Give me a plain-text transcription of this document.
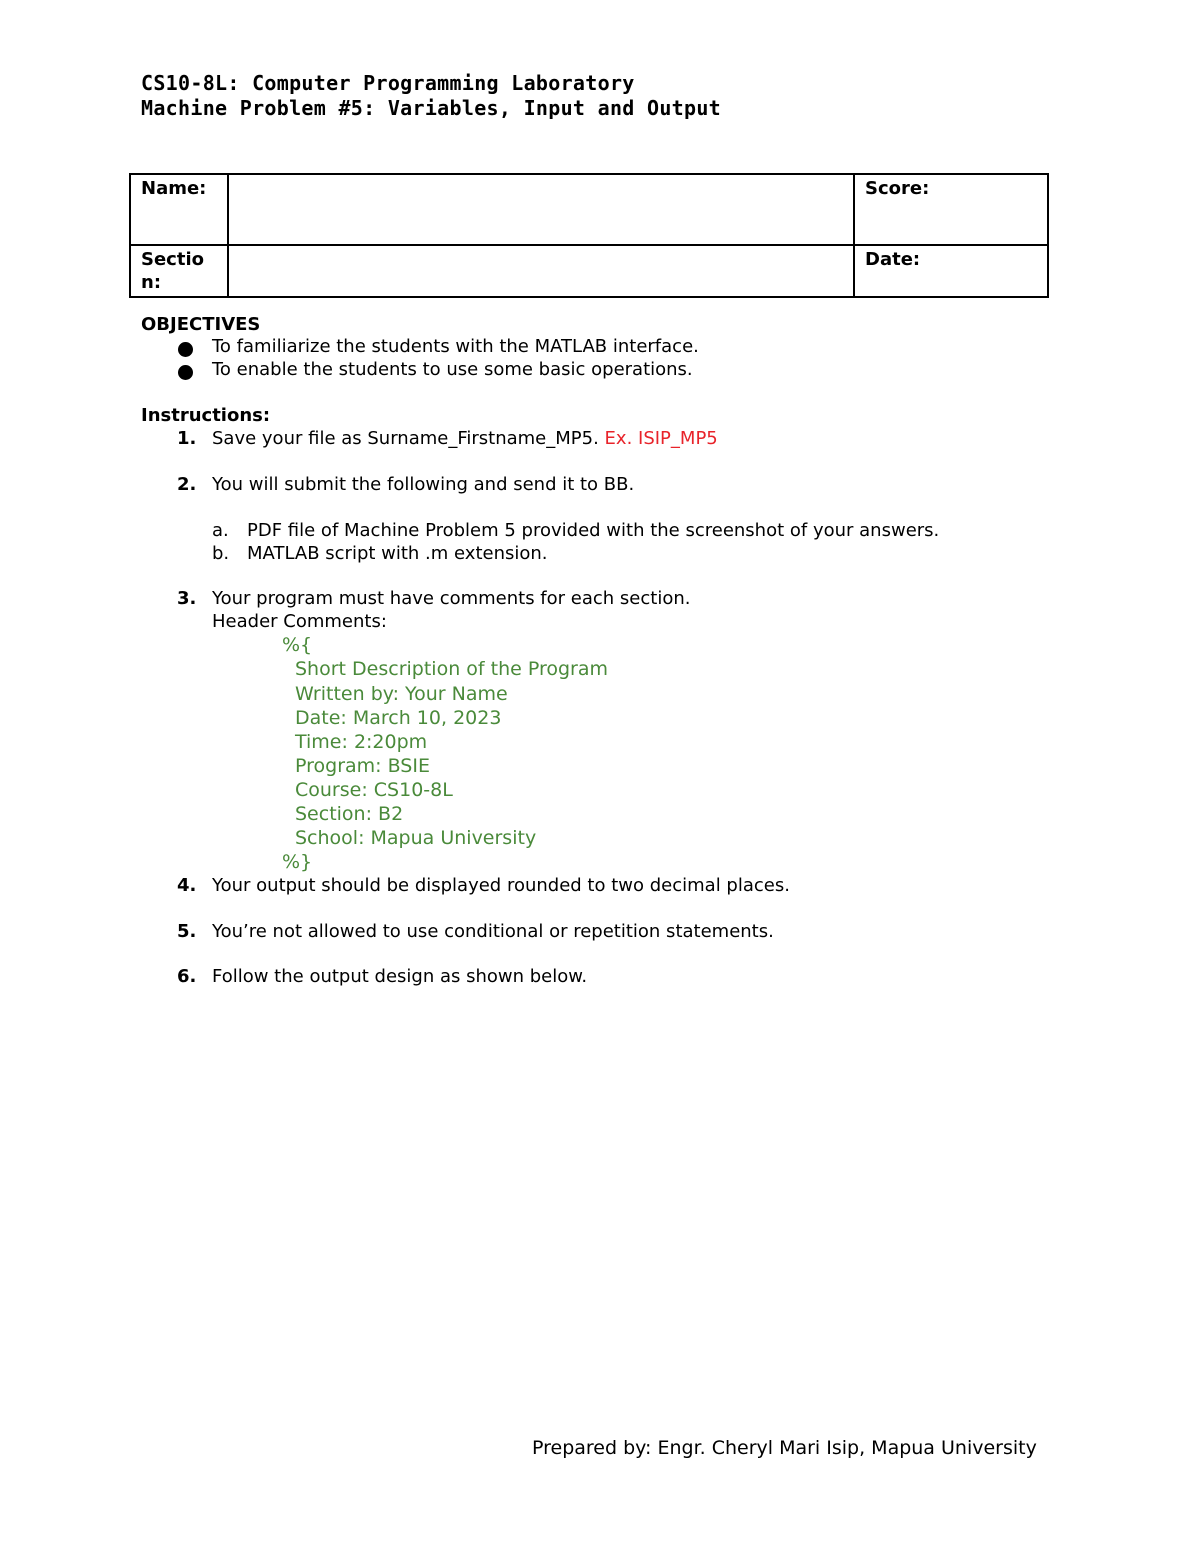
CS10-8L: Computer Programming Laboratory

Machine Problem #5: Variables, Input and Output

Name:		Score:
Section:		Date:

OBJECTIVES

To familiarize the students with the MATLAB interface.

To enable the students to use some basic operations.

Instructions:

1. Save your file as Surname_Firstname_MP5. Ex. ISIP_MP5

2. You will submit the following and send it to BB.

a. PDF file of Machine Problem 5 provided with the screenshot of your answers.

b. MATLAB script with .m extension.

3. Your program must have comments for each section.

Header Comments:

%{

Short Description of the Program

Written by: Your Name

Date: March 10, 2023

Time: 2:20pm

Program: BSIE

Course: CS10-8L

Section: B2

School: Mapua University

%}

4. Your output should be displayed rounded to two decimal places.

5. You’re not allowed to use conditional or repetition statements.

6. Follow the output design as shown below.

Prepared by: Engr. Cheryl Mari Isip, Mapua University
